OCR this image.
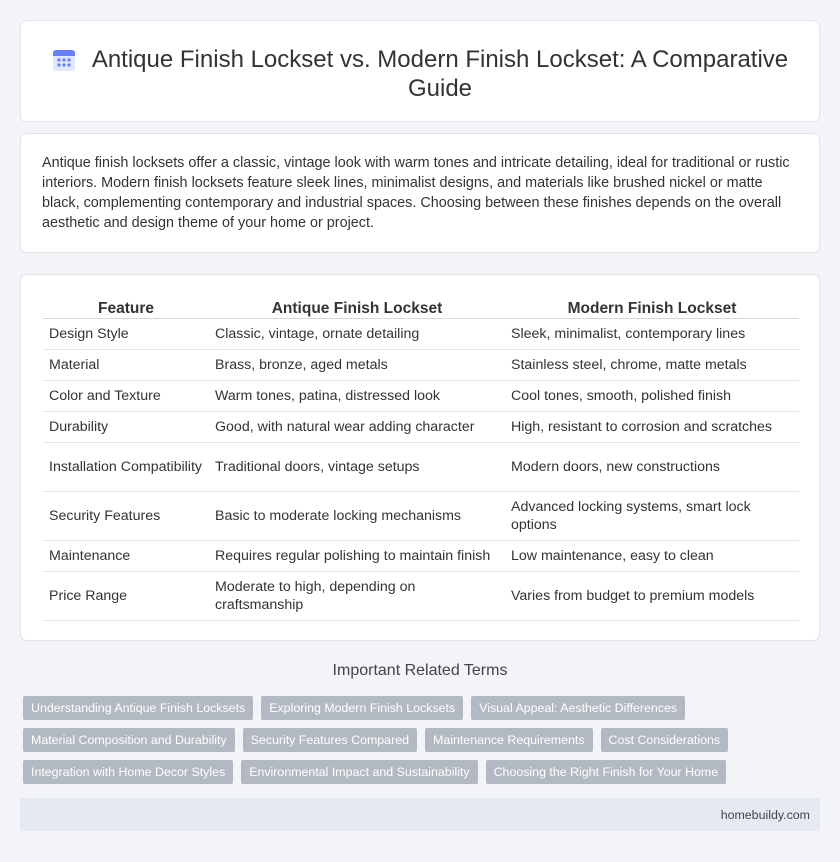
Antique Finish Lockset vs. Modern Finish Lockset: A Comparative Guide

Antique finish locksets offer a classic, vintage look with warm tones and intricate detailing, ideal for traditional or rustic interiors. Modern finish locksets feature sleek lines, minimalist designs, and materials like brushed nickel or matte black, complementing contemporary and industrial spaces. Choosing between these finishes depends on the overall aesthetic and design theme of your home or project.

Feature	Antique Finish Lockset	Modern Finish Lockset
Design Style	Classic, vintage, ornate detailing	Sleek, minimalist, contemporary lines
Material	Brass, bronze, aged metals	Stainless steel, chrome, matte metals
Color and Texture	Warm tones, patina, distressed look	Cool tones, smooth, polished finish
Durability	Good, with natural wear adding character	High, resistant to corrosion and scratches
Installation Compatibility	Traditional doors, vintage setups	Modern doors, new constructions
Security Features	Basic to moderate locking mechanisms	Advanced locking systems, smart lock options
Maintenance	Requires regular polishing to maintain finish	Low maintenance, easy to clean
Price Range	Moderate to high, depending on craftsmanship	Varies from budget to premium models
Important Related Terms
Understanding Antique Finish Locksets	Exploring Modern Finish Locksets	Visual Appeal: Aesthetic Differences
Material Composition and Durability	Security Features Compared	Maintenance Requirements	Cost Considerations
Integration with Home Decor Styles	Environmental Impact and Sustainability	Choosing the Right Finish for Your Home
homebuildy.com
